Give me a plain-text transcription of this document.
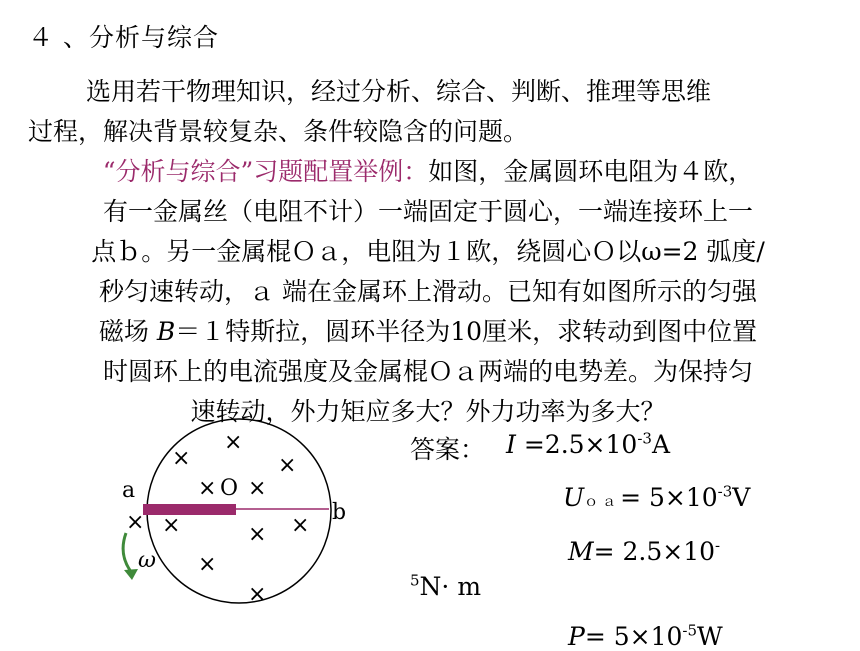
４ 、分析与综合
选用若干物理知识，经过分析、综合、判断、推理等思维
过程，解决背景较复杂、条件较隐含的问题。
“分析与综合”习题配置举例：如图，金属圆环电阻为４欧，
有一金属丝（电阻不计）一端固定于圆心，一端连接环上一
点ｂ。另一金属棍Ｏａ，电阻为１欧，绕圆心Ｏ以ω=2 弧度/
秒匀速转动，ａ 端在金属环上滑动。已知有如图所示的匀强
磁场 B＝１特斯拉，圆环半径为10厘米，求转动到图中位置
时圆环上的电流强度及金属棍Ｏａ两端的电势差。为保持匀
速转动，外力矩应多大？外力功率为多大？
×
×	×
× ×
× ×	×
×
×
×
a	O
b
ω
答案： $I =2.5\times 10^{-3}A$
Uｏａ= $5\times 10^{-3}V$
M= 2.5×10-
$^5$N· m
$P= 5\times 10^{-5}W$
